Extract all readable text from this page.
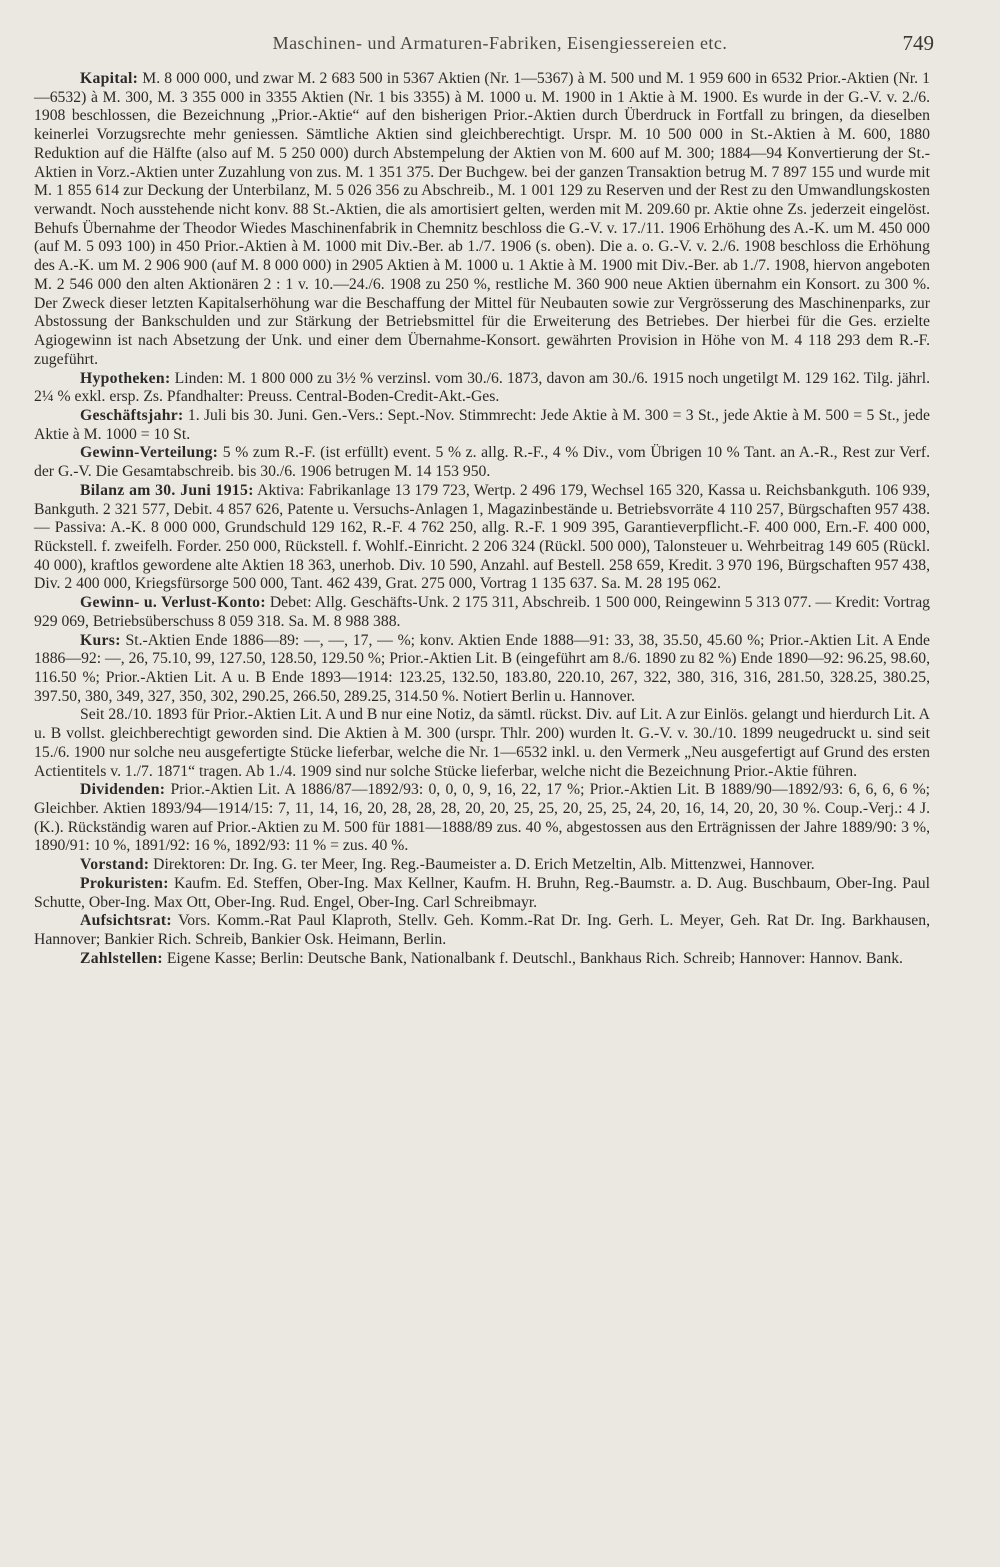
Maschinen- und Armaturen-Fabriken, Eisengiessereien etc.	749

Kapital: M. 8 000 000, und zwar M. 2 683 500 in 5367 Aktien (Nr. 1—5367) à M. 500 und M. 1 959 600 in 6532 Prior.-Aktien (Nr. 1—6532) à M. 300, M. 3 355 000 in 3355 Aktien (Nr. 1 bis 3355) à M. 1000 u. M. 1900 in 1 Aktie à M. 1900. Es wurde in der G.-V. v. 2./6. 1908 beschlossen, die Bezeichnung „Prior.-Aktie“ auf den bisherigen Prior.-Aktien durch Überdruck in Fortfall zu bringen, da dieselben keinerlei Vorzugsrechte mehr geniessen. Sämtliche Aktien sind gleichberechtigt. Urspr. M. 10 500 000 in St.-Aktien à M. 600, 1880 Reduktion auf die Hälfte (also auf M. 5 250 000) durch Abstempelung der Aktien von M. 600 auf M. 300; 1884—94 Konvertierung der St.-Aktien in Vorz.-Aktien unter Zuzahlung von zus. M. 1 351 375. Der Buchgew. bei der ganzen Transaktion betrug M. 7 897 155 und wurde mit M. 1 855 614 zur Deckung der Unterbilanz, M. 5 026 356 zu Abschreib., M. 1 001 129 zu Reserven und der Rest zu den Umwandlungskosten verwandt. Noch ausstehende nicht konv. 88 St.-Aktien, die als amortisiert gelten, werden mit M. 209.60 pr. Aktie ohne Zs. jederzeit eingelöst. Behufs Übernahme der Theodor Wiedes Maschinenfabrik in Chemnitz beschloss die G.-V. v. 17./11. 1906 Erhöhung des A.-K. um M. 450 000 (auf M. 5 093 100) in 450 Prior.-Aktien à M. 1000 mit Div.-Ber. ab 1./7. 1906 (s. oben). Die a. o. G.-V. v. 2./6. 1908 beschloss die Erhöhung des A.-K. um M. 2 906 900 (auf M. 8 000 000) in 2905 Aktien à M. 1000 u. 1 Aktie à M. 1900 mit Div.-Ber. ab 1./7. 1908, hiervon angeboten M. 2 546 000 den alten Aktionären 2 : 1 v. 10.—24./6. 1908 zu 250 %, restliche M. 360 900 neue Aktien übernahm ein Konsort. zu 300 %. Der Zweck dieser letzten Kapitalserhöhung war die Beschaffung der Mittel für Neubauten sowie zur Vergrösserung des Maschinenparks, zur Abstossung der Bankschulden und zur Stärkung der Betriebsmittel für die Erweiterung des Betriebes. Der hierbei für die Ges. erzielte Agiogewinn ist nach Absetzung der Unk. und einer dem Übernahme-Konsort. gewährten Provision in Höhe von M. 4 118 293 dem R.-F. zugeführt.

Hypotheken: Linden: M. 1 800 000 zu 3½ % verzinsl. vom 30./6. 1873, davon am 30./6. 1915 noch ungetilgt M. 129 162. Tilg. jährl. 2¼ % exkl. ersp. Zs. Pfandhalter: Preuss. Central-Boden-Credit-Akt.-Ges.

Geschäftsjahr: 1. Juli bis 30. Juni. Gen.-Vers.: Sept.-Nov. Stimmrecht: Jede Aktie à M. 300 = 3 St., jede Aktie à M. 500 = 5 St., jede Aktie à M. 1000 = 10 St.

Gewinn-Verteilung: 5 % zum R.-F. (ist erfüllt) event. 5 % z. allg. R.-F., 4 % Div., vom Übrigen 10 % Tant. an A.-R., Rest zur Verf. der G.-V. Die Gesamtabschreib. bis 30./6. 1906 betrugen M. 14 153 950.

Bilanz am 30. Juni 1915: Aktiva: Fabrikanlage 13 179 723, Wertp. 2 496 179, Wechsel 165 320, Kassa u. Reichsbankguth. 106 939, Bankguth. 2 321 577, Debit. 4 857 626, Patente u. Versuchs-Anlagen 1, Magazinbestände u. Betriebsvorräte 4 110 257, Bürgschaften 957 438. — Passiva: A.-K. 8 000 000, Grundschuld 129 162, R.-F. 4 762 250, allg. R.-F. 1 909 395, Garantieverpflicht.-F. 400 000, Ern.-F. 400 000, Rückstell. f. zweifelh. Forder. 250 000, Rückstell. f. Wohlf.-Einricht. 2 206 324 (Rückl. 500 000), Talonsteuer u. Wehrbeitrag 149 605 (Rückl. 40 000), kraftlos gewordene alte Aktien 18 363, unerhob. Div. 10 590, Anzahl. auf Bestell. 258 659, Kredit. 3 970 196, Bürgschaften 957 438, Div. 2 400 000, Kriegsfürsorge 500 000, Tant. 462 439, Grat. 275 000, Vortrag 1 135 637. Sa. M. 28 195 062.

Gewinn- u. Verlust-Konto: Debet: Allg. Geschäfts-Unk. 2 175 311, Abschreib. 1 500 000, Reingewinn 5 313 077. — Kredit: Vortrag 929 069, Betriebsüberschuss 8 059 318. Sa. M. 8 988 388.

Kurs: St.-Aktien Ende 1886—89: —, —, 17, — %; konv. Aktien Ende 1888—91: 33, 38, 35.50, 45.60 %; Prior.-Aktien Lit. A Ende 1886—92: —, 26, 75.10, 99, 127.50, 128.50, 129.50 %; Prior.-Aktien Lit. B (eingeführt am 8./6. 1890 zu 82 %) Ende 1890—92: 96.25, 98.60, 116.50 %; Prior.-Aktien Lit. A u. B Ende 1893—1914: 123.25, 132.50, 183.80, 220.10, 267, 322, 380, 316, 316, 281.50, 328.25, 380.25, 397.50, 380, 349, 327, 350, 302, 290.25, 266.50, 289.25, 314.50 %. Notiert Berlin u. Hannover.

Seit 28./10. 1893 für Prior.-Aktien Lit. A und B nur eine Notiz, da sämtl. rückst. Div. auf Lit. A zur Einlös. gelangt und hierdurch Lit. A u. B vollst. gleichberechtigt geworden sind. Die Aktien à M. 300 (urspr. Thlr. 200) wurden lt. G.-V. v. 30./10. 1899 neugedruckt u. sind seit 15./6. 1900 nur solche neu ausgefertigte Stücke lieferbar, welche die Nr. 1—6532 inkl. u. den Vermerk „Neu ausgefertigt auf Grund des ersten Actientitels v. 1./7. 1871“ tragen. Ab 1./4. 1909 sind nur solche Stücke lieferbar, welche nicht die Bezeichnung Prior.-Aktie führen.

Dividenden: Prior.-Aktien Lit. A 1886/87—1892/93: 0, 0, 0, 9, 16, 22, 17 %; Prior.-Aktien Lit. B 1889/90—1892/93: 6, 6, 6, 6 %; Gleichber. Aktien 1893/94—1914/15: 7, 11, 14, 16, 20, 28, 28, 28, 20, 20, 25, 25, 20, 25, 25, 24, 20, 16, 14, 20, 20, 30 %. Coup.-Verj.: 4 J. (K.). Rückständig waren auf Prior.-Aktien zu M. 500 für 1881—1888/89 zus. 40 %, abgestossen aus den Erträgnissen der Jahre 1889/90: 3 %, 1890/91: 10 %, 1891/92: 16 %, 1892/93: 11 % = zus. 40 %.

Vorstand: Direktoren: Dr. Ing. G. ter Meer, Ing. Reg.-Baumeister a. D. Erich Metzeltin, Alb. Mittenzwei, Hannover.

Prokuristen: Kaufm. Ed. Steffen, Ober-Ing. Max Kellner, Kaufm. H. Bruhn, Reg.-Baumstr. a. D. Aug. Buschbaum, Ober-Ing. Paul Schutte, Ober-Ing. Max Ott, Ober-Ing. Rud. Engel, Ober-Ing. Carl Schreibmayr.

Aufsichtsrat: Vors. Komm.-Rat Paul Klaproth, Stellv. Geh. Komm.-Rat Dr. Ing. Gerh. L. Meyer, Geh. Rat Dr. Ing. Barkhausen, Hannover; Bankier Rich. Schreib, Bankier Osk. Heimann, Berlin.

Zahlstellen: Eigene Kasse; Berlin: Deutsche Bank, Nationalbank f. Deutschl., Bankhaus Rich. Schreib; Hannover: Hannov. Bank.
